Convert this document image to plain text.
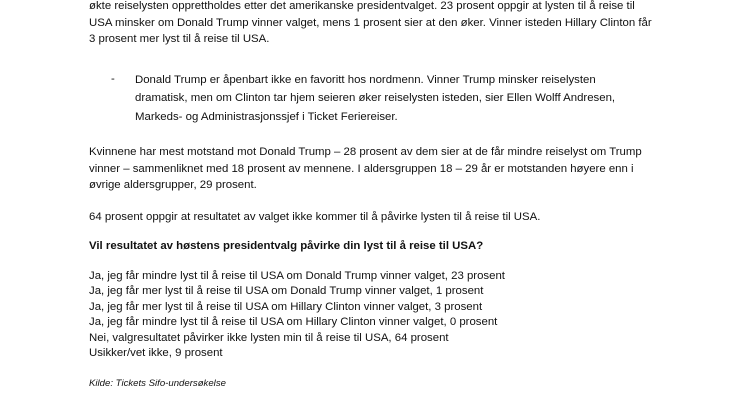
økte reiselysten opprettholdes etter det amerikanske presidentvalget. 23 prosent oppgir at lysten til å reise til
USA minsker om Donald Trump vinner valget, mens 1 prosent sier at den øker. Vinner isteden Hillary Clinton får
3 prosent mer lyst til å reise til USA.
- Donald Trump er åpenbart ikke en favoritt hos nordmenn. Vinner Trump minsker reiselysten
dramatisk, men om Clinton tar hjem seieren øker reiselysten isteden, sier Ellen Wolff Andresen,
Markeds- og Administrasjonssjef i Ticket Feriereiser.
Kvinnene har mest motstand mot Donald Trump – 28 prosent av dem sier at de får mindre reiselyst om Trump
vinner – sammenliknet med 18 prosent av mennene. I aldersgruppen 18 – 29 år er motstanden høyere enn i
øvrige aldersgrupper, 29 prosent.
64 prosent oppgir at resultatet av valget ikke kommer til å påvirke lysten til å reise til USA.
Vil resultatet av høstens presidentvalg påvirke din lyst til å reise til USA?
Ja, jeg får mindre lyst til å reise til USA om Donald Trump vinner valget, 23 prosent
Ja, jeg får mer lyst til å reise til USA om Donald Trump vinner valget, 1 prosent
Ja, jeg får mer lyst til å reise til USA om Hillary Clinton vinner valget, 3 prosent
Ja, jeg får mindre lyst til å reise til USA om Hillary Clinton vinner valget, 0 prosent
Nei, valgresultatet påvirker ikke lysten min til å reise til USA, 64 prosent
Usikker/vet ikke, 9 prosent
Kilde: Tickets Sifo-undersøkelse
